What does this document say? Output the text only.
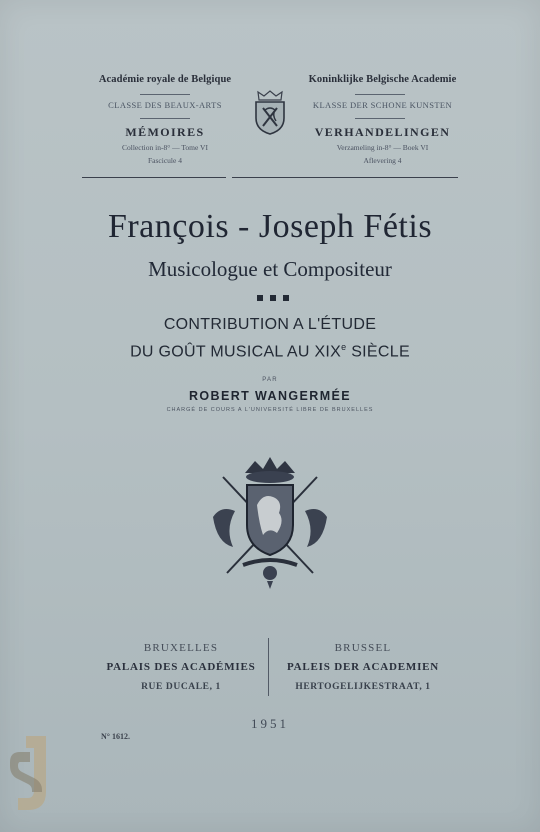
Académie royale de Belgique
CLASSE DES BEAUX-ARTS
MÉMOIRES
Collection in-8° — Tome VI
Fascicule 4
Koninklijke Belgische Academie
KLASSE DER SCHONE KUNSTEN
VERHANDELINGEN
Verzameling in-8° — Boek VI
Aflevering 4
François - Joseph Fétis
Musicologue et Compositeur
CONTRIBUTION A L'ÉTUDE
DU GOÛT MUSICAL AU XIXe SIÈCLE
PAR
ROBERT WANGERMÉE
CHARGÉ DE COURS A L'UNIVERSITÉ LIBRE DE BRUXELLES
BRUXELLES
PALAIS DES ACADÉMIES
RUE DUCALE, 1
BRUSSEL
PALEIS DER ACADEMIEN
HERTOGELIJKESTRAAT, 1
1951
N° 1612.
